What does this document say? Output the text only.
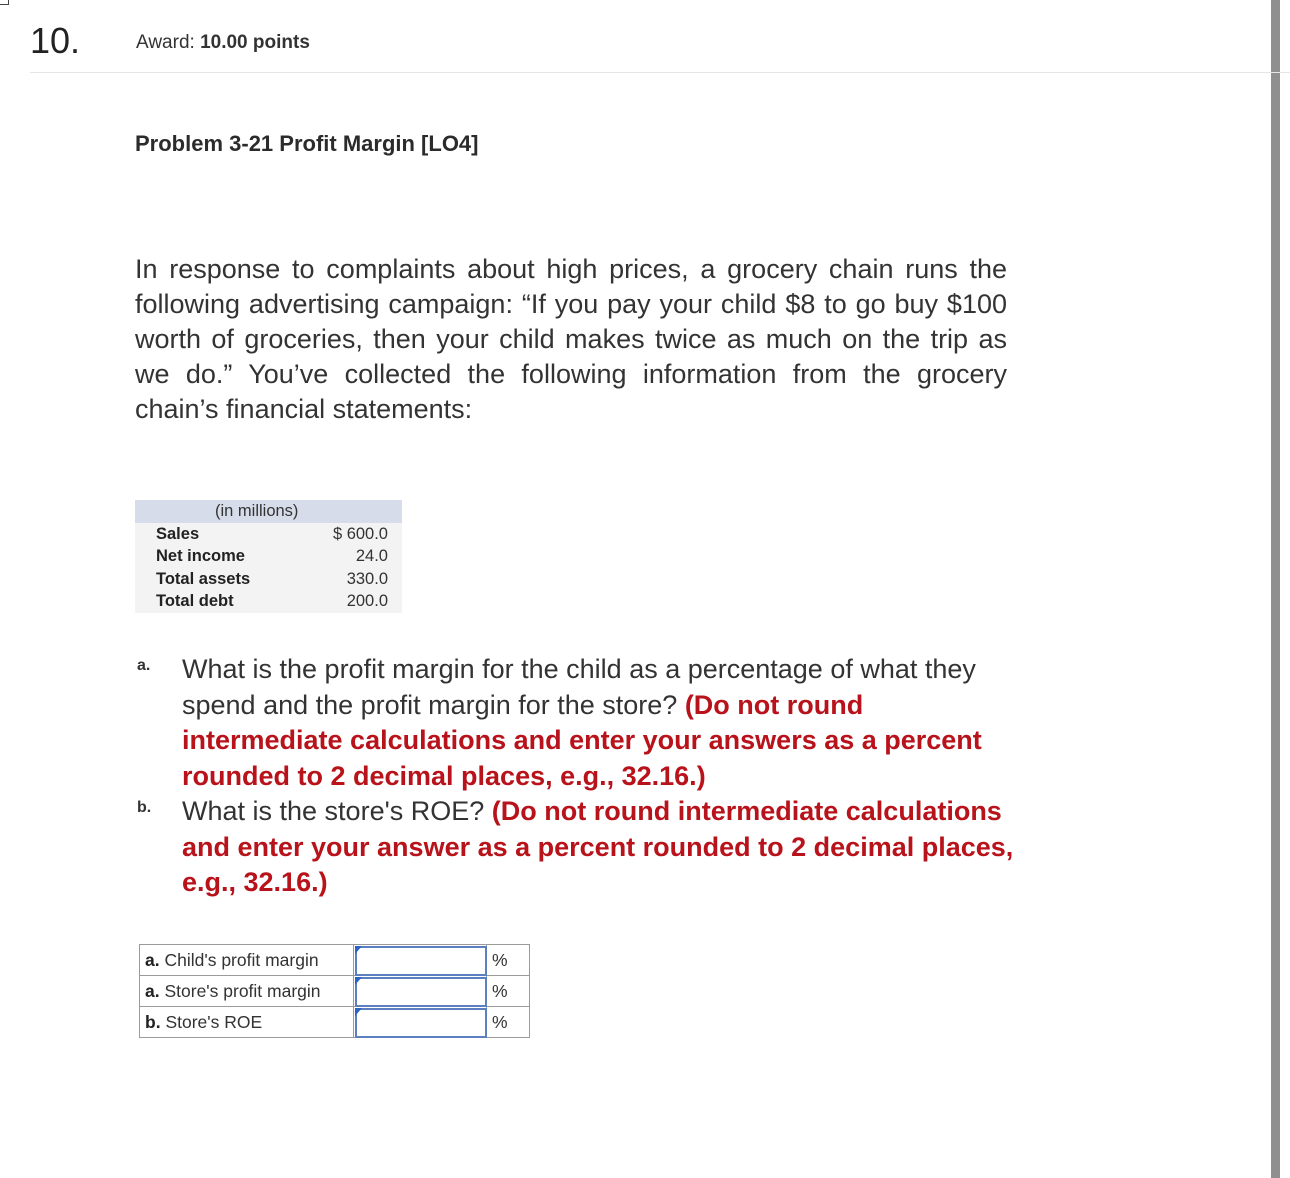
10.	Award: 10.00 points
Problem 3-21 Profit Margin [LO4]

In response to complaints about high prices, a grocery chain runs the following advertising campaign: “If you pay your child $8 to go buy $100 worth of groceries, then your child makes twice as much on the trip as we do.” You’ve collected the following information from the grocery chain’s financial statements:

(in millions)	
Sales	$ 600.0
Net income	24.0
Total assets	330.0
Total debt	200.0
a. What is the profit margin for the child as a percentage of what they spend and the profit margin for the store? (Do not round intermediate calculations and enter your answers as a percent rounded to 2 decimal places, e.g., 32.16.)
b. What is the store's ROE? (Do not round intermediate calculations and enter your answer as a percent rounded to 2 decimal places, e.g., 32.16.)
a. Child's profit margin		%
a. Store's profit margin		%
b. Store's ROE		%
